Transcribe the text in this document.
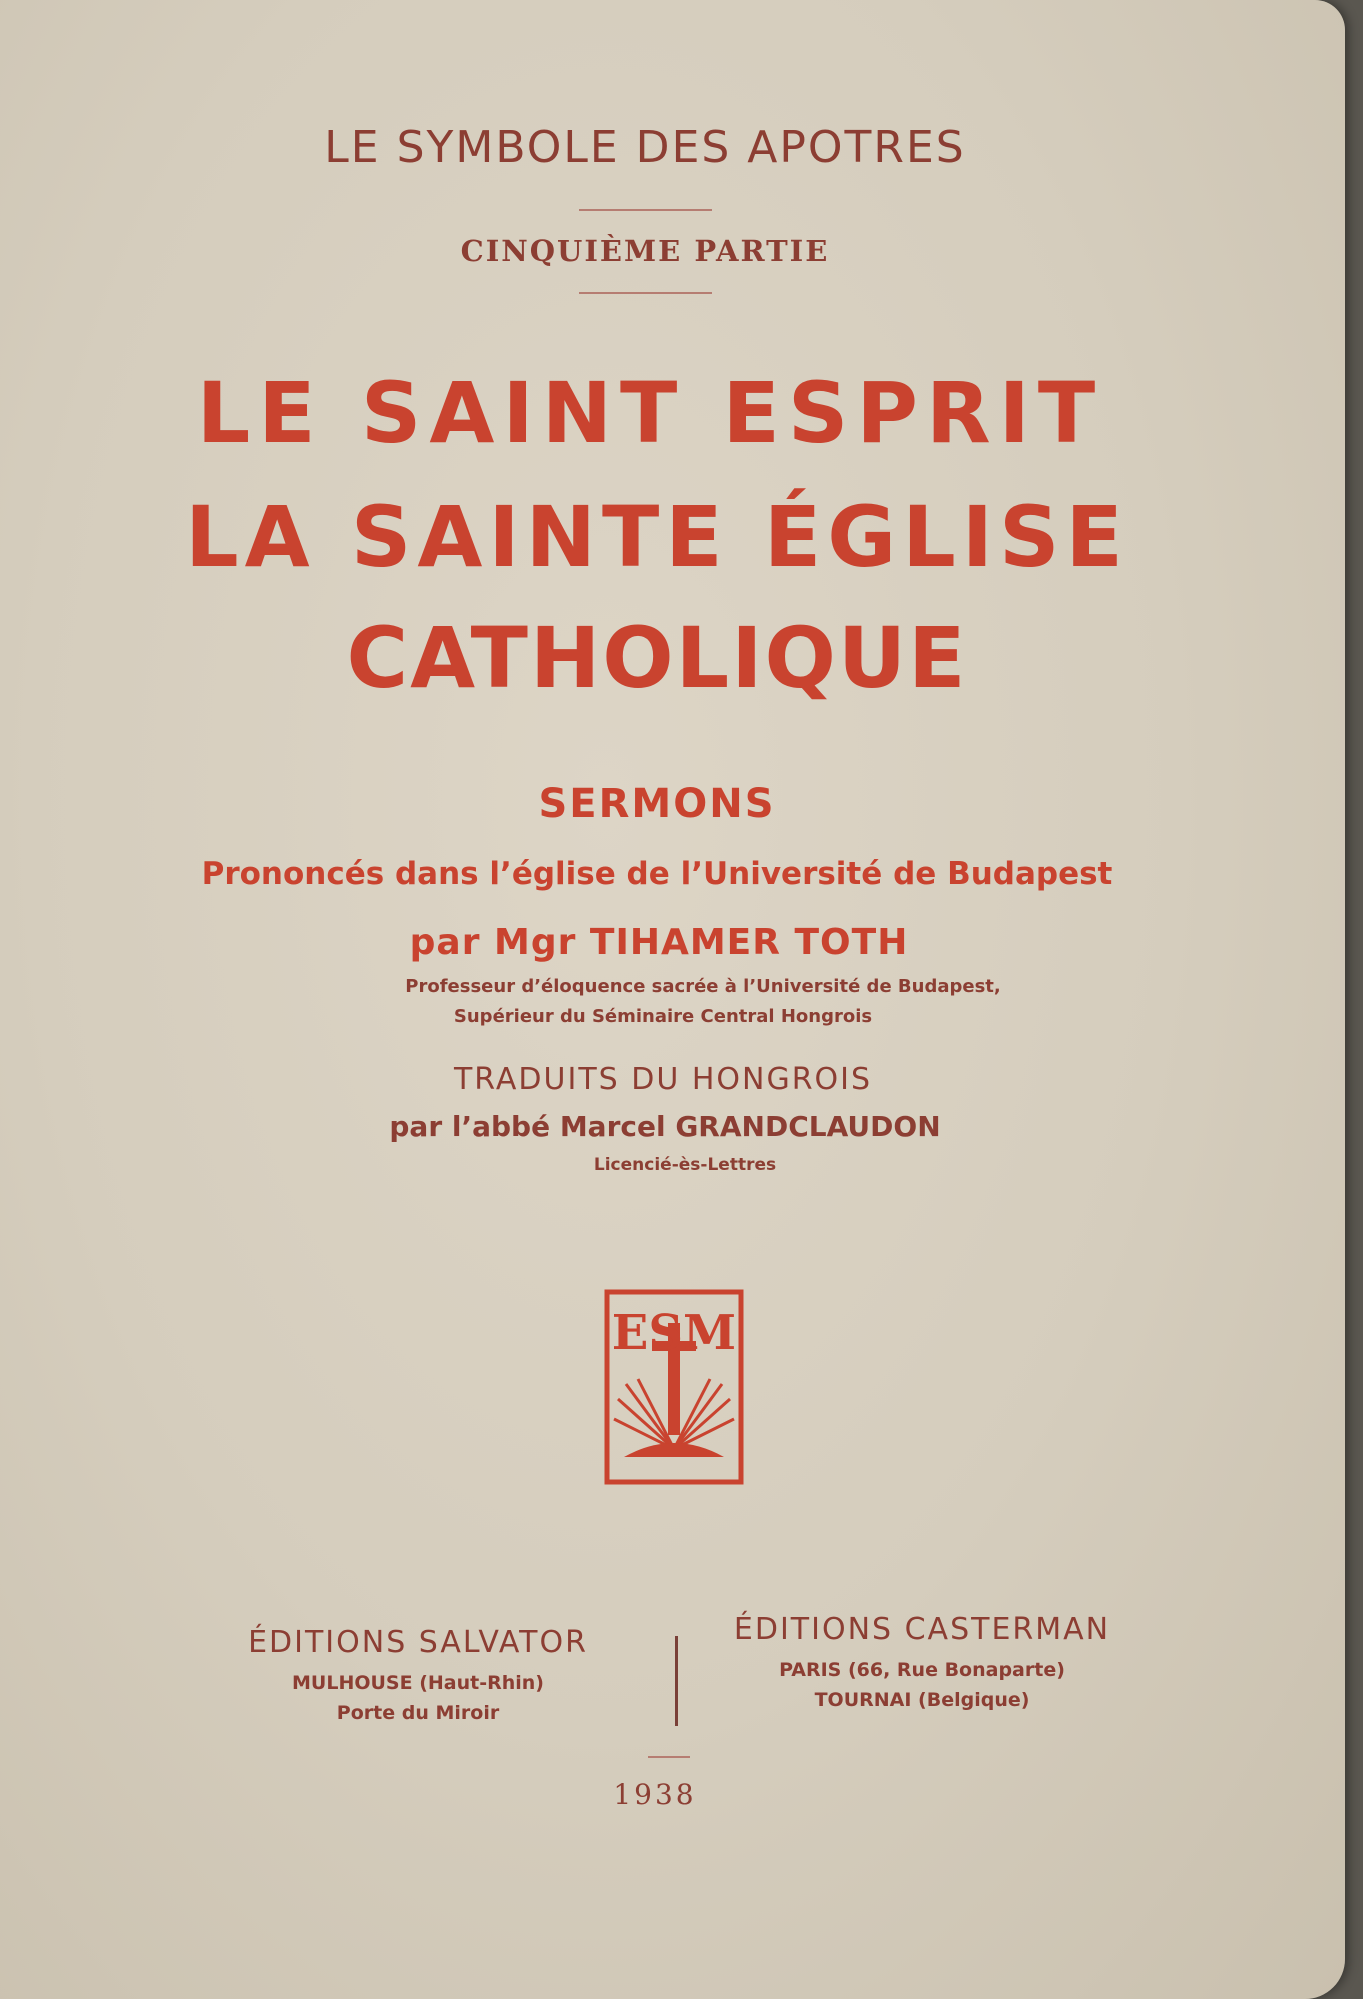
LE SYMBOLE DES APOTRES
CINQUIÈME PARTIE
LE SAINT ESPRIT
LA SAINTE ÉGLISE
CATHOLIQUE
SERMONS
Prononcés dans l’église de l’Université de Budapest
par Mgr TIHAMER TOTH
Professeur d’éloquence sacrée à l’Université de Budapest,
Supérieur du Séminaire Central Hongrois
TRADUITS DU HONGROIS
par l’abbé Marcel GRANDCLAUDON
Licencié-ès-Lettres
ESM
ÉDITIONS SALVATOR
MULHOUSE (Haut-Rhin)
Porte du Miroir
ÉDITIONS CASTERMAN
PARIS (66, Rue Bonaparte)
TOURNAI (Belgique)
1938
